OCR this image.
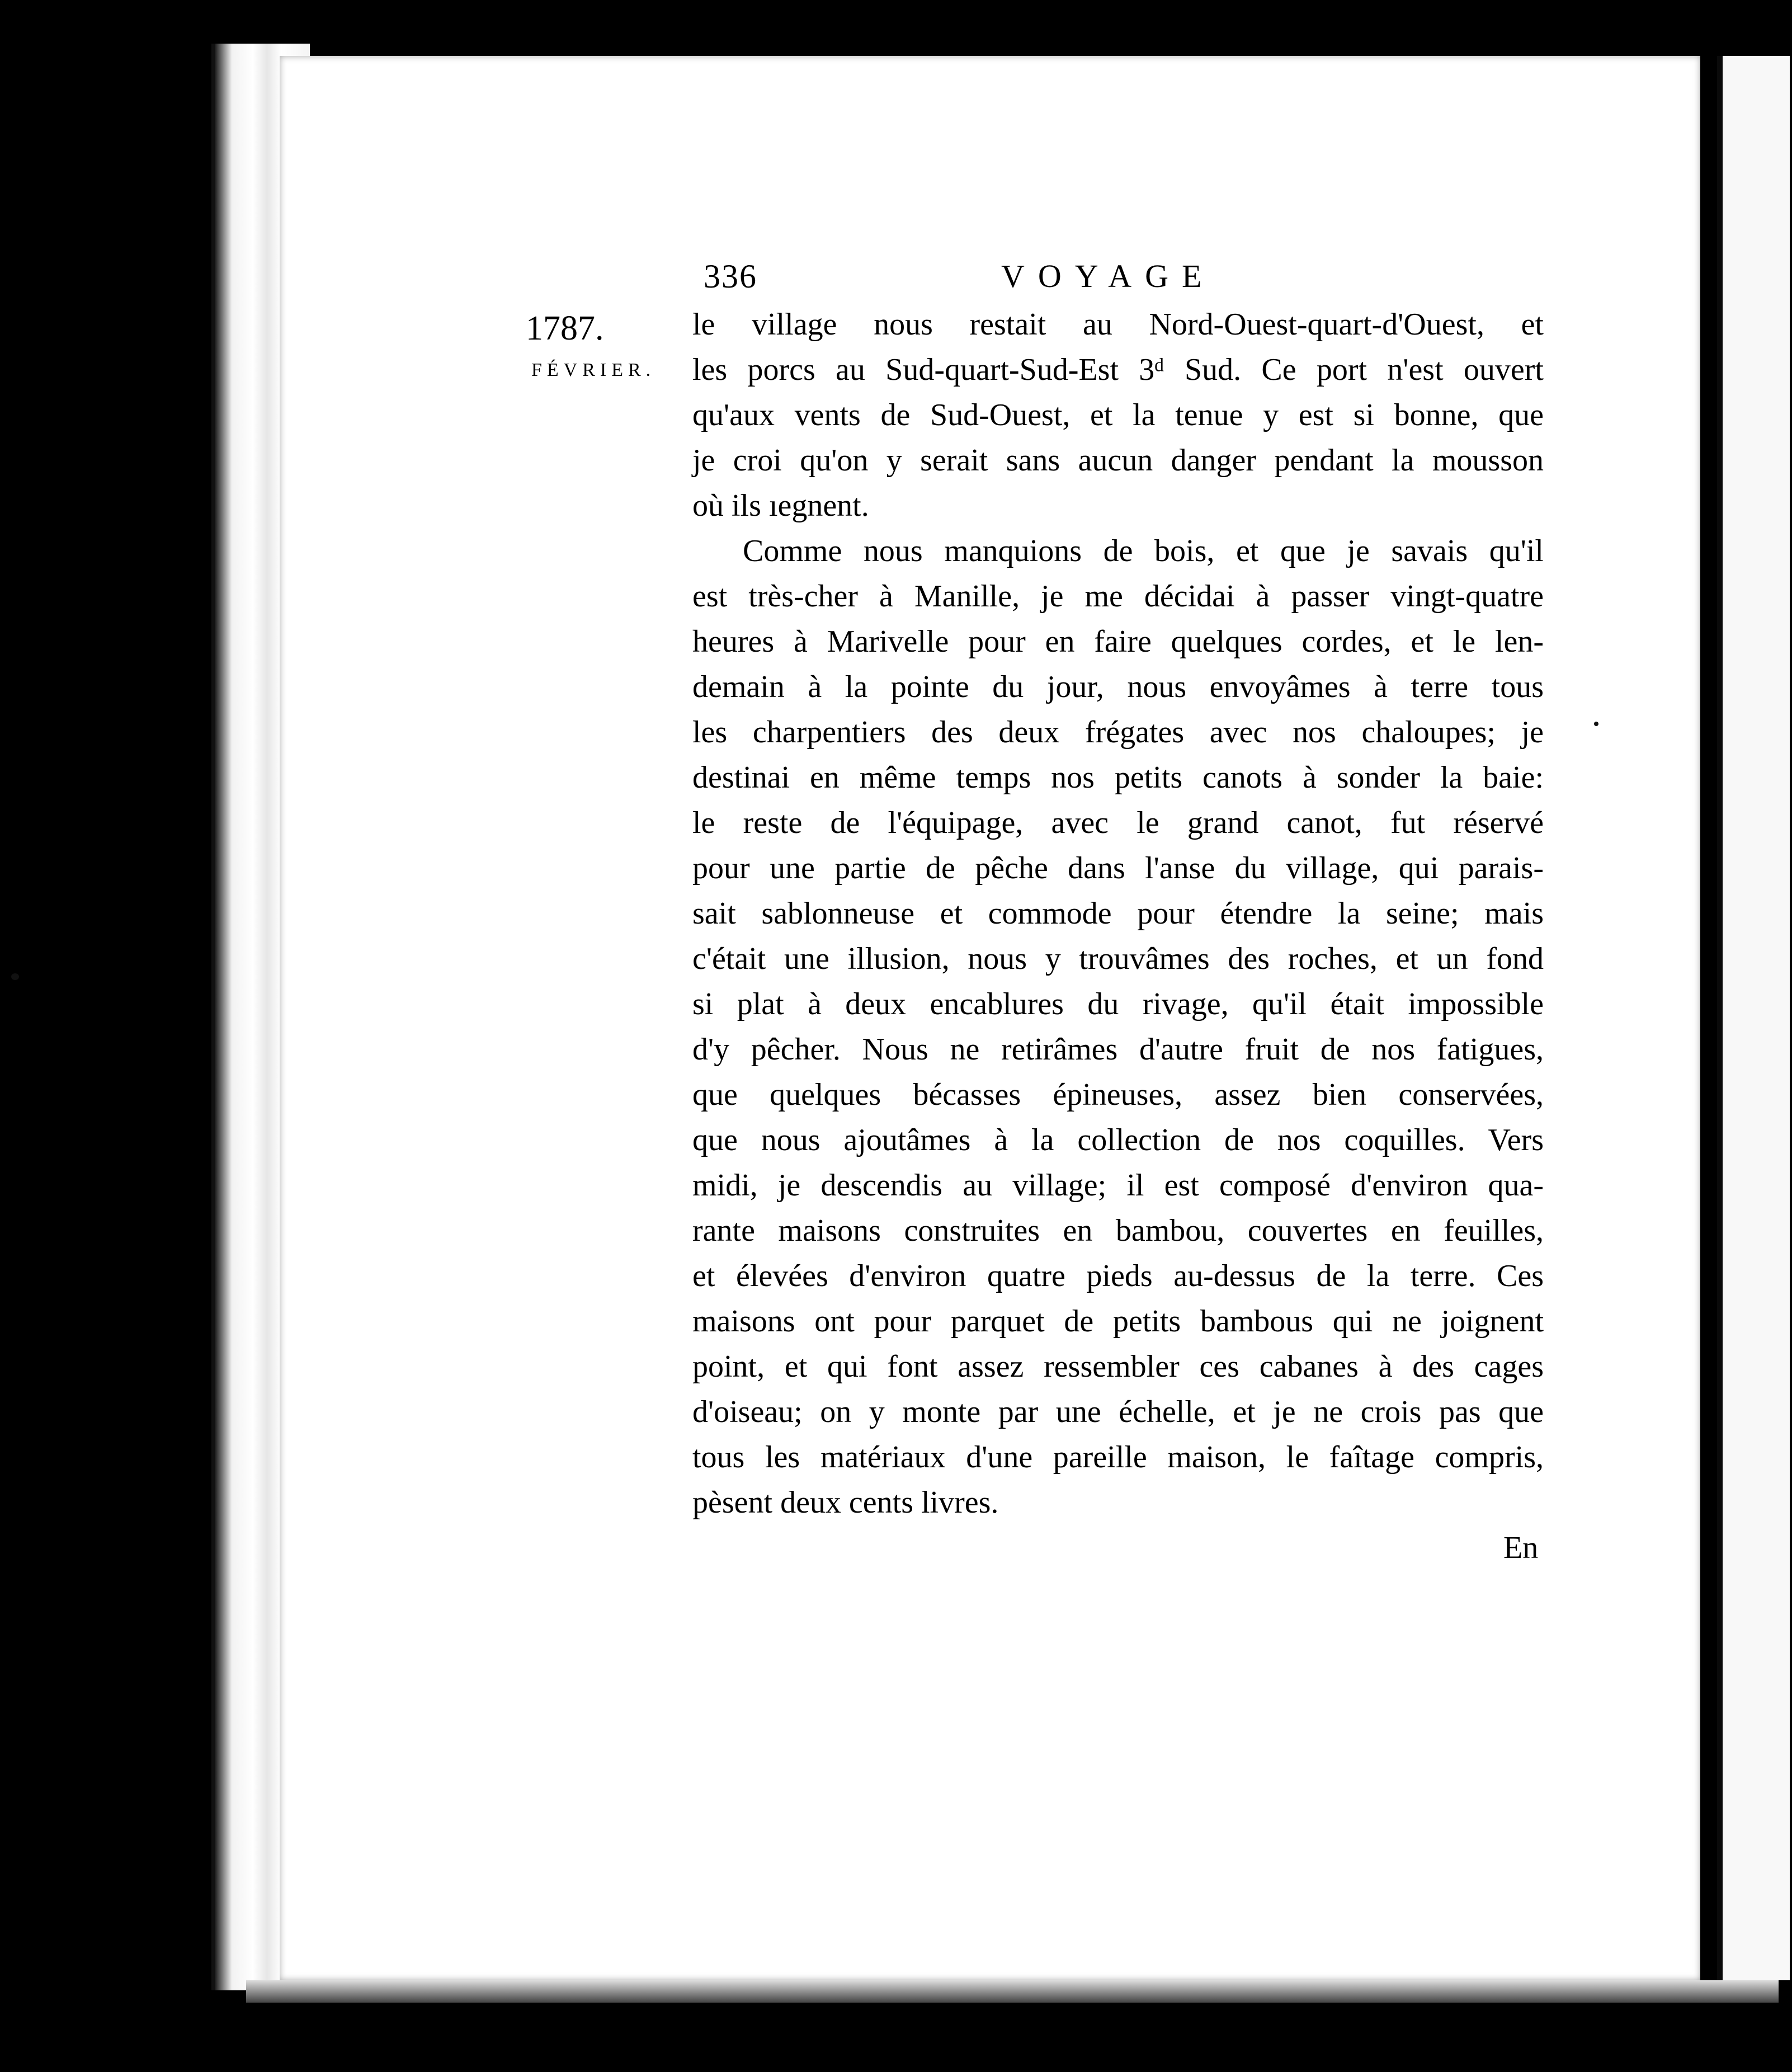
336	VOYAGE
1787.
FÉVRIER.
le village nous restait au Nord-Ouest-quart-d'Ouest, et
les porcs au Sud-quart-Sud-Est 3ᵈ Sud. Ce port n'est ouvert
qu'aux vents de Sud-Ouest, et la tenue y est si bonne, que
je croi qu'on y serait sans aucun danger pendant la mousson
où ils ıegnent.
Comme nous manquions de bois, et que je savais qu'il
est très-cher à Manille, je me décidai à passer vingt-quatre
heures à Marivelle pour en faire quelques cordes, et le len-
demain à la pointe du jour, nous envoyâmes à terre tous
les charpentiers des deux frégates avec nos chaloupes; je
destinai en même temps nos petits canots à sonder la baie:
le reste de l'équipage, avec le grand canot, fut réservé
pour une partie de pêche dans l'anse du village, qui parais-
sait sablonneuse et commode pour étendre la seine; mais
c'était une illusion, nous y trouvâmes des roches, et un fond
si plat à deux encablures du rivage, qu'il était impossible
d'y pêcher. Nous ne retirâmes d'autre fruit de nos fatigues,
que quelques bécasses épineuses, assez bien conservées,
que nous ajoutâmes à la collection de nos coquilles. Vers
midi, je descendis au village; il est composé d'environ qua-
rante maisons construites en bambou, couvertes en feuilles,
et élevées d'environ quatre pieds au-dessus de la terre. Ces
maisons ont pour parquet de petits bambous qui ne joignent
point, et qui font assez ressembler ces cabanes à des cages
d'oiseau; on y monte par une échelle, et je ne crois pas que
tous les matériaux d'une pareille maison, le faîtage compris,
pèsent deux cents livres.
En
